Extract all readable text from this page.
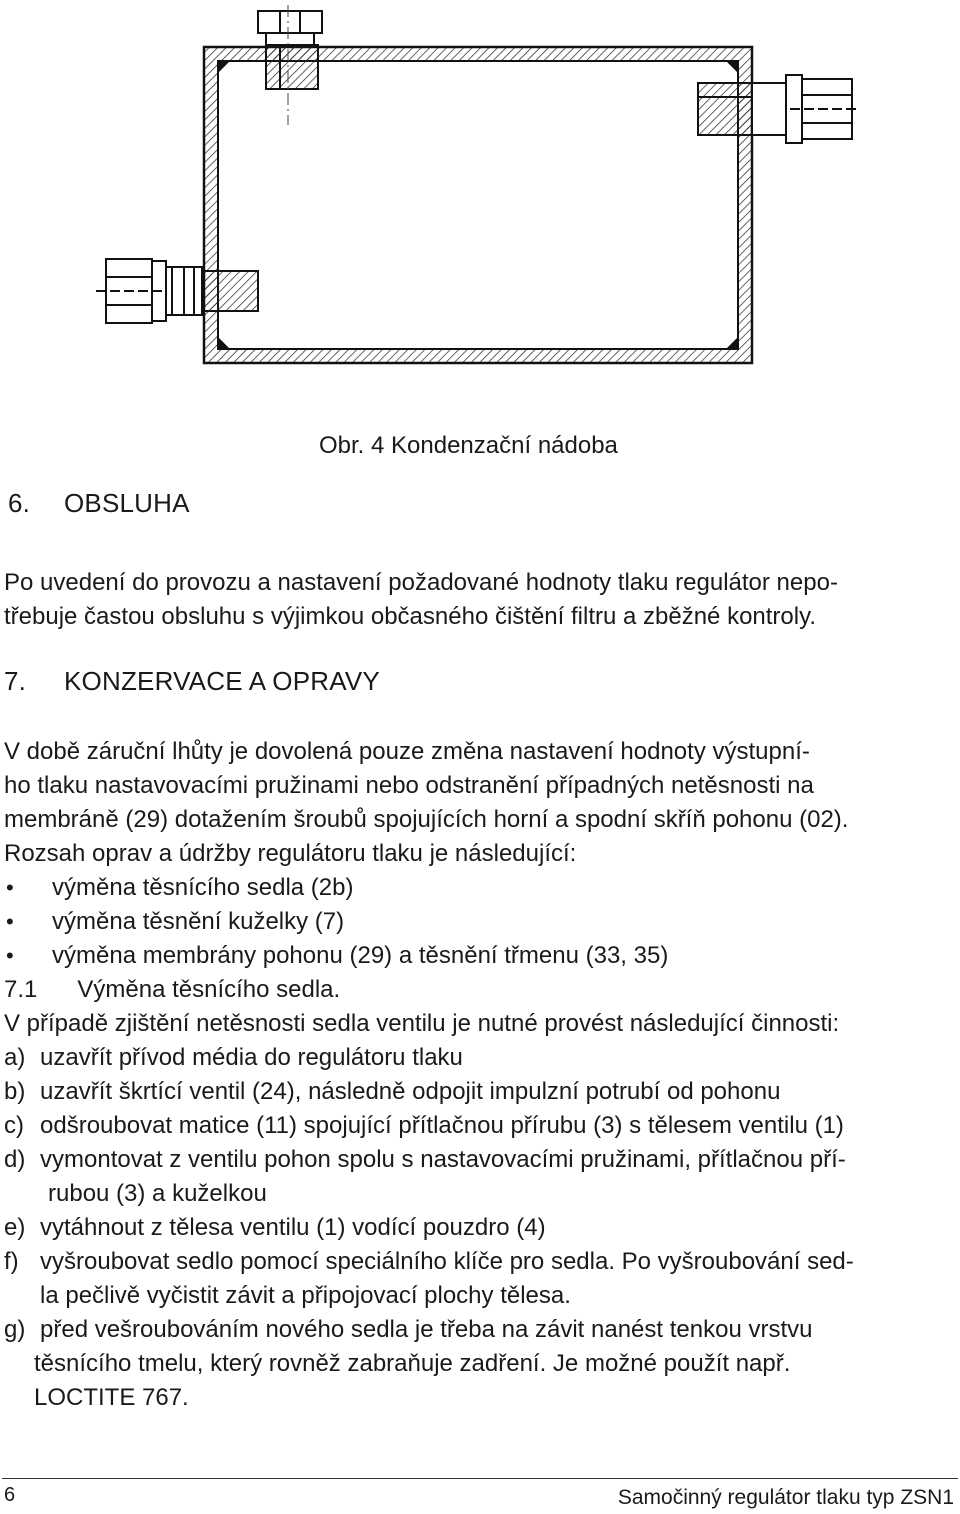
Obr. 4 Kondenzační nádoba
6. OBSLUHA
Po uvedení do provozu a nastavení požadované hodnoty tlaku regulátor nepo-
třebuje častou obsluhu s výjimkou občasného čištění filtru a zběžné kontroly.
7. KONZERVACE A OPRAVY
V době záruční lhůty je dovolená pouze změna nastavení hodnoty výstupní-
ho tlaku nastavovacími pružinami nebo odstranění případných netěsnosti na
membráně (29) dotažením šroubů spojujících horní a spodní skříň pohonu (02).
Rozsah oprav a údržby regulátoru tlaku je následující:
•
výměna těsnícího sedla (2b)
•
výměna těsnění kuželky (7)
•
výměna membrány pohonu (29) a těsnění třmenu (33, 35)
7.1      Výměna těsnícího sedla.
V případě zjištění netěsnosti sedla ventilu je nutné provést následující činnosti:
a) uzavřít přívod média do regulátoru tlaku
b) uzavřít škrtící ventil (24), následně odpojit impulzní potrubí od pohonu
c) odšroubovat matice (11) spojující přítlačnou přírubu (3) s tělesem ventilu (1)
d) vymontovat z ventilu pohon spolu s nastavovacími pružinami, přítlačnou pří-
rubou (3) a kuželkou
e) vytáhnout z tělesa ventilu (1) vodící pouzdro (4)
f) vyšroubovat sedlo pomocí speciálního klíče pro sedla. Po vyšroubování sed-
la pečlivě vyčistit závit a připojovací plochy tělesa.
g) před vešroubováním nového sedla je třeba na závit nanést tenkou vrstvu
těsnícího tmelu, který rovněž zabraňuje zadření. Je možné použít např.
LOCTITE 767.
6	Samočinný regulátor tlaku typ ZSN1
